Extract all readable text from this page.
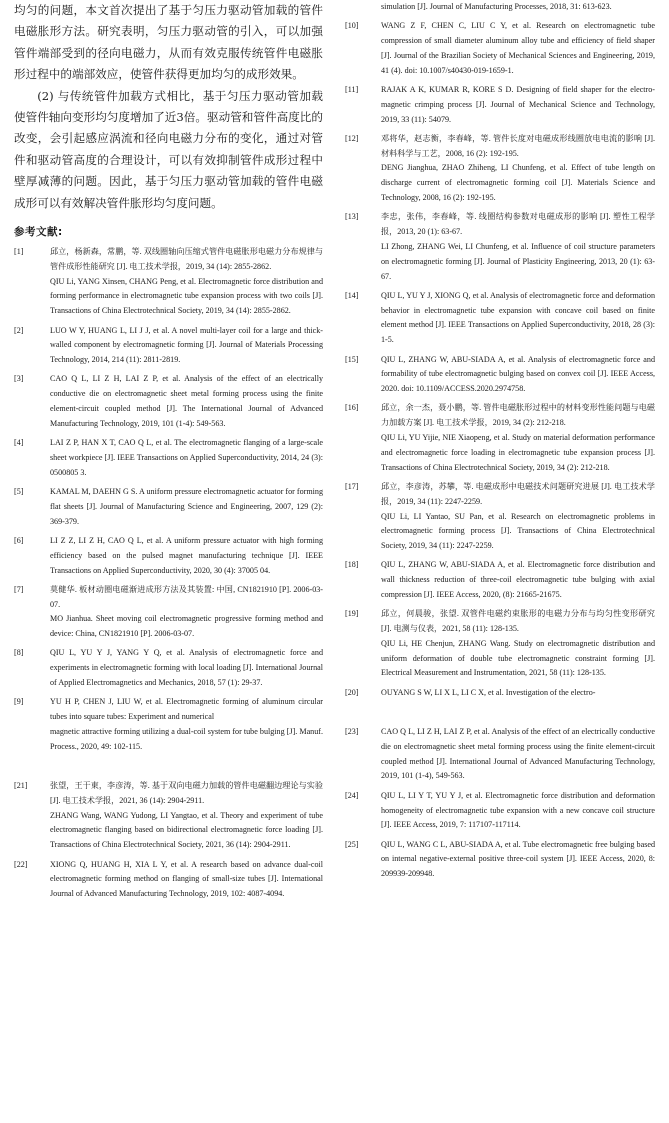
均匀的问题，本文首次提出了基于匀压力驱动管加载的管件电磁胀形方法。研究表明，匀压力驱动管的引入，可以加强管件端部受到的径向电磁力，从而有效克服传统管件电磁胀形过程中的端部效应，使管件获得更加均匀的成形效果。

(2) 与传统管件加载方式相比，基于匀压力驱动管加载使管件轴向变形均匀度增加了近3倍。驱动管和管件高度比的改变，会引起感应涡流和径向电磁力分布的变化，通过对管件和驱动管高度的合理设计，可以有效抑制管件成形过程中壁厚减薄的问题。因此，基于匀压力驱动管加载的管件电磁成形可以有效解决管件胀形均匀度问题。

参考文献:
[1]	邱立，杨新森，常鹏，等. 双线圈轴向压缩式管件电磁胀形电磁力分布规律与管件成形性能研究 [J]. 电工技术学报，2019, 34 (14): 2855-2862.
QIU Li, YANG Xinsen, CHANG Peng, et al. Electromagnetic force distribution and forming performance in electromagnetic tube expansion process with two coils [J]. Transactions of China Electrotechnical Society, 2019, 34 (14): 2855-2862.
[2]	LUO W Y, HUANG L, LI J J, et al. A novel multi-layer coil for a large and thick-walled component by electromagnetic forming [J]. Journal of Materials Processing Technology, 2014, 214 (11): 2811-2819.
[3]	CAO Q L, LI Z H, LAI Z P, et al. Analysis of the effect of an electrically conductive die on electromagnetic sheet metal forming process using the finite element-circuit coupled method [J]. The International Journal of Advanced Manufacturing Technology, 2019, 101 (1-4): 549-563.
[4]	LAI Z P, HAN X T, CAO Q L, et al. The electromagnetic flanging of a large-scale sheet workpiece [J]. IEEE Transactions on Applied Superconductivity, 2014, 24 (3): 0500805 3.
[5]	KAMAL M, DAEHN G S. A uniform pressure electromagnetic actuator for forming flat sheets [J]. Journal of Manufacturing Science and Engineering, 2007, 129 (2): 369-379.
[6]	LI Z Z, LI Z H, CAO Q L, et al. A uniform pressure actuator with high forming efficiency based on the pulsed magnet manufacturing technique [J]. IEEE Transactions on Applied Superconductivity, 2020, 30 (4): 37005 04.
[7]	莫健华. 板材动圈电磁渐进成形方法及其装置: 中国, CN1821910 [P]. 2006-03-07.
MO Jianhua. Sheet moving coil electromagnetic progressive forming method and device: China, CN1821910 [P]. 2006-03-07.
[8]	QIU L, YU Y J, YANG Y Q, et al. Analysis of electromagnetic force and experiments in electromagnetic forming with local loading [J]. International Journal of Applied Electromagnetics and Mechanics, 2018, 57 (1): 29-37.
[9]	YU H P, CHEN J, LIU W, et al. Electromagnetic forming of aluminum circular tubes into square tubes: Experiment and numerical
magnetic attractive forming utilizing a dual-coil system for tube bulging [J]. Manuf. Process., 2020, 49: 102-115.
[21]	张望，王于東，李彦涛，等. 基于双向电磁力加载的管件电磁翻边理论与实验 [J]. 电工技术学报，2021, 36 (14): 2904-2911.
ZHANG Wang, WANG Yudong, LI Yangtao, et al. Theory and experiment of tube electromagnetic flanging based on bidirectional electromagnetic force loading [J]. Transactions of China Electrotechnical Society, 2021, 36 (14): 2904-2911.
[22]	XIONG Q, HUANG H, XIA L Y, et al. A research based on advance dual-coil electromagnetic forming method on flanging of small-size tubes [J]. International Journal of Advanced Manufacturing Technology, 2019, 102: 4087-4094.
simulation [J]. Journal of Manufacturing Processes, 2018, 31: 613-623.
[10]	WANG Z F, CHEN C, LIU C Y, et al. Research on electromagnetic tube compression of small diameter aluminum alloy tube and efficiency of field shaper [J]. Journal of the Brazilian Society of Mechanical Sciences and Engineering, 2019, 41 (4). doi: 10.1007/s40430-019-1659-1.
[11]	RAJAK A K, KUMAR R, KORE S D. Designing of field shaper for the electro-magnetic crimping process [J]. Journal of Mechanical Science and Technology, 2019, 33 (11): 54079.
[12]	邓将华，赵志衡，李春峰，等. 管件长度对电磁成形线圈放电电流的影响 [J]. 材料科学与工艺，2008, 16 (2): 192-195.
DENG Jianghua, ZHAO Zhiheng, LI Chunfeng, et al. Effect of tube length on discharge current of electromagnetic forming coil [J]. Materials Science and Technology, 2008, 16 (2): 192-195.
[13]	李忠，张伟，李春峰，等. 线圈结构参数对电磁成形的影响 [J]. 塑性工程学报，2013, 20 (1): 63-67.
LI Zhong, ZHANG Wei, LI Chunfeng, et al. Influence of coil structure parameters on electromagnetic forming [J]. Journal of Plasticity Engineering, 2013, 20 (1): 63-67.
[14]	QIU L, YU Y J, XIONG Q, et al. Analysis of electromagnetic force and deformation behavior in electromagnetic tube expansion with concave coil based on finite element method [J]. IEEE Transactions on Applied Superconductivity, 2018, 28 (3): 1-5.
[15]	QIU L, ZHANG W, ABU-SIADA A, et al. Analysis of electromagnetic force and formability of tube electromagnetic bulging based on convex coil [J]. IEEE Access, 2020. doi: 10.1109/ACCESS.2020.2974758.
[16]	邱立，余一杰，聂小鹏，等. 管件电磁胀形过程中的材料变形性能问题与电磁力加载方案 [J]. 电工技术学报，2019, 34 (2): 212-218.
QIU Li, YU Yijie, NIE Xiaopeng, et al. Study on material deformation performance and electromagnetic force loading in electromagnetic tube expansion process [J]. Transactions of China Electrotechnical Society, 2019, 34 (2): 212-218.
[17]	邱立，李彦涛，苏攀，等. 电磁成形中电磁技术问题研究进展 [J]. 电工技术学报，2019, 34 (11): 2247-2259.
QIU Li, LI Yantao, SU Pan, et al. Research on electromagnetic problems in electromagnetic forming process [J]. Transactions of China Electrotechnical Society, 2019, 34 (11): 2247-2259.
[18]	QIU L, ZHANG W, ABU-SIADA A, et al. Electromagnetic force distribution and wall thickness reduction of three-coil electromagnetic tube bulging with axial compression [J]. IEEE Access, 2020, (8): 21665-21675.
[19]	邱立，何晨骏，张望. 双管件电磁约束胀形的电磁力分布与均匀性变形研究 [J]. 电测与仪表，2021, 58 (11): 128-135.
QIU Li, HE Chenjun, ZHANG Wang. Study on electromagnetic distribution and uniform deformation of double tube electromagnetic constraint forming [J]. Electrical Measurement and Instrumentation, 2021, 58 (11): 128-135.
[20]	OUYANG S W, LI X L, LI C X, et al. Investigation of the electro-
[23]	CAO Q L, LI Z H, LAI Z P, et al. Analysis of the effect of an electrically conductive die on electromagnetic sheet metal forming process using the finite element-circuit coupled method [J]. International Journal of Advanced Manufacturing Technology, 2019, 101 (1-4), 549-563.
[24]	QIU L, LI Y T, YU Y J, et al. Electromagnetic force distribution and deformation homogeneity of electromagnetic tube expansion with a new concave coil structure [J]. IEEE Access, 2019, 7: 117107-117114.
[25]	QIU L, WANG C L, ABU-SIADA A, et al. Tube electromagnetic free bulging based on internal negative-external positive three-coil system [J]. IEEE Access, 2020, 8: 209939-209948.
